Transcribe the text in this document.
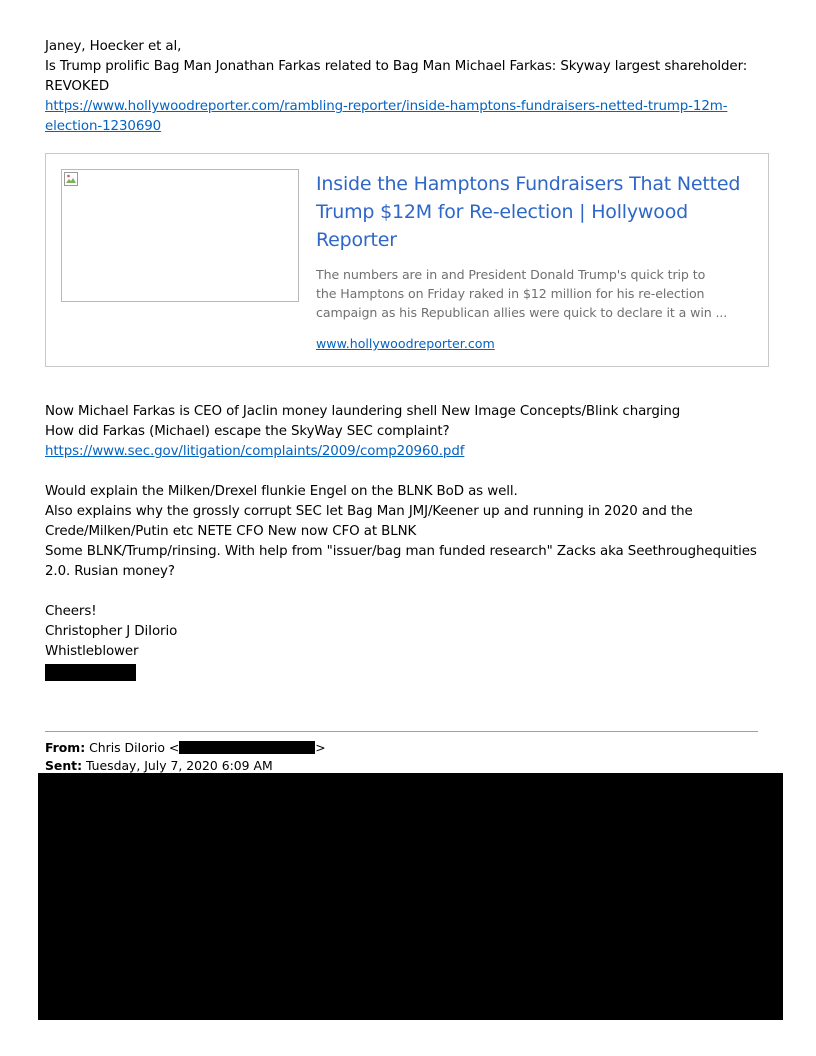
Janey, Hoecker et al,
Is Trump prolific Bag Man Jonathan Farkas related to Bag Man Michael Farkas: Skyway largest shareholder:
REVOKED
https://www.hollywoodreporter.com/rambling-reporter/inside-hamptons-fundraisers-netted-trump-12m-
election-1230690
Inside the Hamptons Fundraisers That Netted
Trump $12M for Re-election | Hollywood
Reporter
The numbers are in and President Donald Trump's quick trip to
the Hamptons on Friday raked in $12 million for his re-election
campaign as his Republican allies were quick to declare it a win ...
www.hollywoodreporter.com
Now Michael Farkas is CEO of Jaclin money laundering shell New Image Concepts/Blink charging
How did Farkas (Michael) escape the SkyWay SEC complaint?
https://www.sec.gov/litigation/complaints/2009/comp20960.pdf
Would explain the Milken/Drexel flunkie Engel on the BLNK BoD as well.
Also explains why the grossly corrupt SEC let Bag Man JMJ/Keener up and running in 2020 and the
Crede/Milken/Putin etc NETE CFO New now CFO at BLNK
Some BLNK/Trump/rinsing. With help from "issuer/bag man funded research" Zacks aka Seethroughequities
2.0. Rusian money?
Cheers!
Christopher J DiIorio
Whistleblower
From: Chris DiIorio <	>
Sent: Tuesday, July 7, 2020 6:09 AM
